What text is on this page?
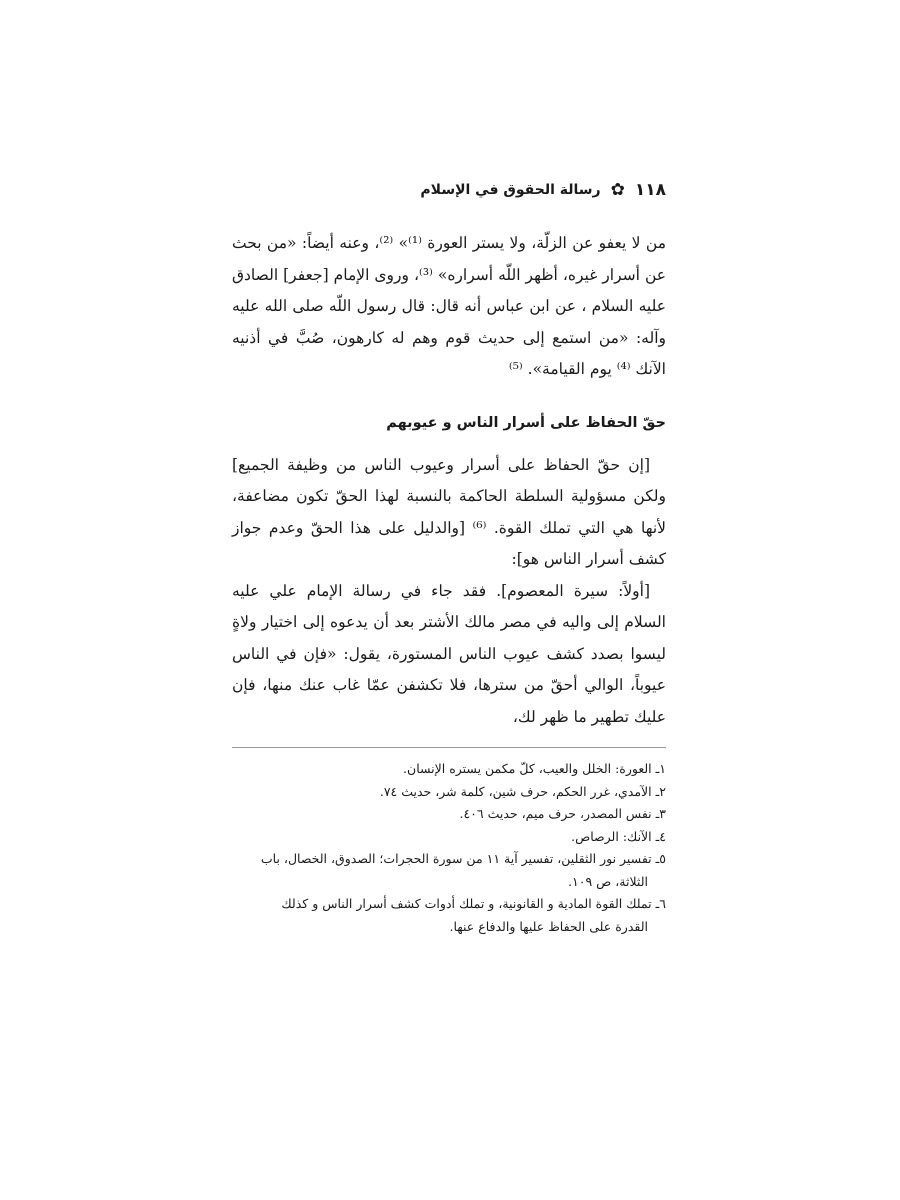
١١٨
✿
رسالة الحقوق في الإسلام

من لا يعفو عن الزلّة، ولا يستر العورة ⁽¹⁾» ⁽²⁾، وعنه أيضاً: «من بحث عن أسرار غيره، أظهر اللّه أسراره» ⁽³⁾، وروى الإمام [جعفر] الصادق عليه السلام ، عن ابن عباس أنه قال: قال رسول اللّه صلى الله عليه وآله: «من استمع إلى حديث قوم وهم له كارهون، صُبَّ في أذنيه الآنك ⁽⁴⁾ يوم القيامة». ⁽⁵⁾

حقّ الحفاظ على أسرار الناس و عيوبهم

[إن حقّ الحفاظ على أسرار وعيوب الناس من وظيفة الجميع] ولكن مسؤولية السلطة الحاكمة بالنسبة لهذا الحقّ تكون مضاعفة، لأنها هي التي تملك القوة. ⁽⁶⁾ [والدليل على هذا الحقّ وعدم جواز كشف أسرار الناس هو]:

[أولاً: سيرة المعصوم]. فقد جاء في رسالة الإمام علي عليه السلام إلى واليه في مصر مالك الأشتر بعد أن يدعوه إلى اختيار ولاةٍ ليسوا بصدد كشف عيوب الناس المستورة، يقول: «فإن في الناس عيوباً، الوالي أحقّ من سترها، فلا تكشفن عمّا غاب عنك منها، فإن عليك تطهير ما ظهر لك،

١ـ العورة: الخلل والعيب، كلّ مكمن يستره الإنسان.

٢ـ الآمدي، غرر الحكم، حرف شين، كلمة شر، حديث ٧٤.

٣ـ نفس المصدر، حرف ميم، حديث ٤٠٦.

٤ـ الآنك: الرصاص.

٥ـ تفسير نور الثقلين، تفسير آية ١١ من سورة الحجرات؛ الصدوق، الخصال، باب
الثلاثة، ص ١٠٩.

٦ـ تملك القوة المادية و القانونية، و تملك أدوات كشف أسرار الناس و كذلك
القدرة على الحفاظ عليها والدفاع عنها.
